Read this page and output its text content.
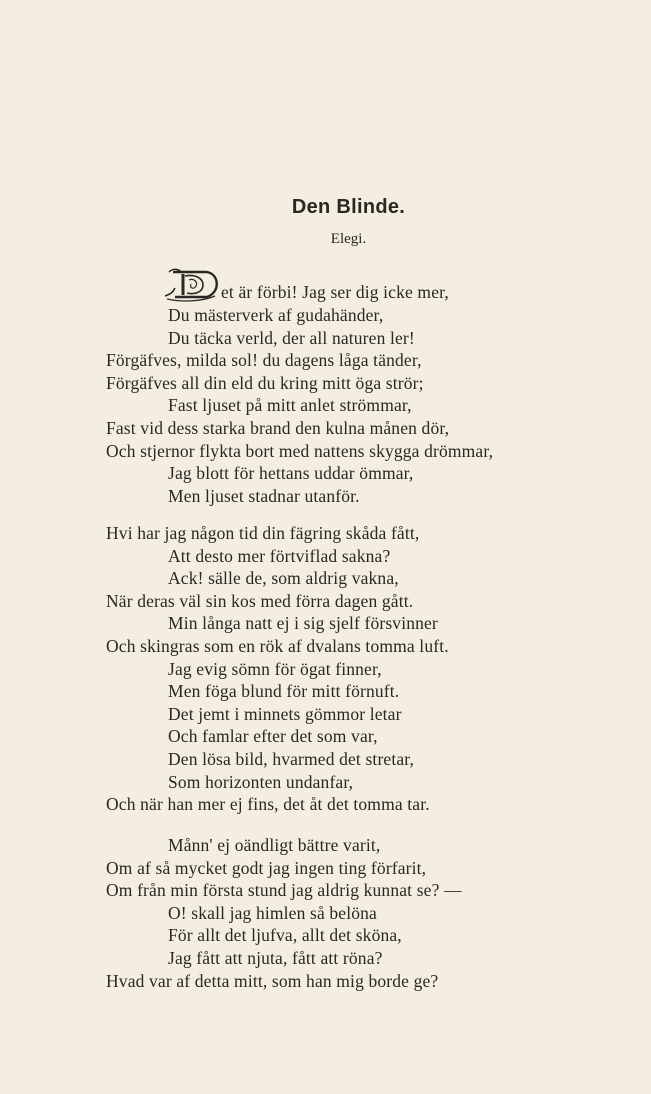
Den Blinde.
Elegi.
et är förbi! Jag ser dig icke mer,
Du mästerverk af gudahänder,
Du täcka verld, der all naturen ler!
Förgäfves, milda sol! du dagens låga tänder,
Förgäfves all din eld du kring mitt öga strör;
Fast ljuset på mitt anlet strömmar,
Fast vid dess starka brand den kulna månen dör,
Och stjernor flykta bort med nattens skygga drömmar,
Jag blott för hettans uddar ömmar,
Men ljuset stadnar utanför.
Hvi har jag någon tid din fägring skåda fått,
Att desto mer förtviflad sakna?
Ack! sälle de, som aldrig vakna,
När deras väl sin kos med förra dagen gått.
Min långa natt ej i sig sjelf försvinner
Och skingras som en rök af dvalans tomma luft.
Jag evig sömn för ögat finner,
Men föga blund för mitt förnuft.
Det jemt i minnets gömmor letar
Och famlar efter det som var,
Den lösa bild, hvarmed det stretar,
Som horizonten undanfar,
Och när han mer ej fins, det åt det tomma tar.
Månn' ej oändligt bättre varit,
Om af så mycket godt jag ingen ting förfarit,
Om från min första stund jag aldrig kunnat se? —
O! skall jag himlen så belöna
För allt det ljufva, allt det sköna,
Jag fått att njuta, fått att röna?
Hvad var af detta mitt, som han mig borde ge?
